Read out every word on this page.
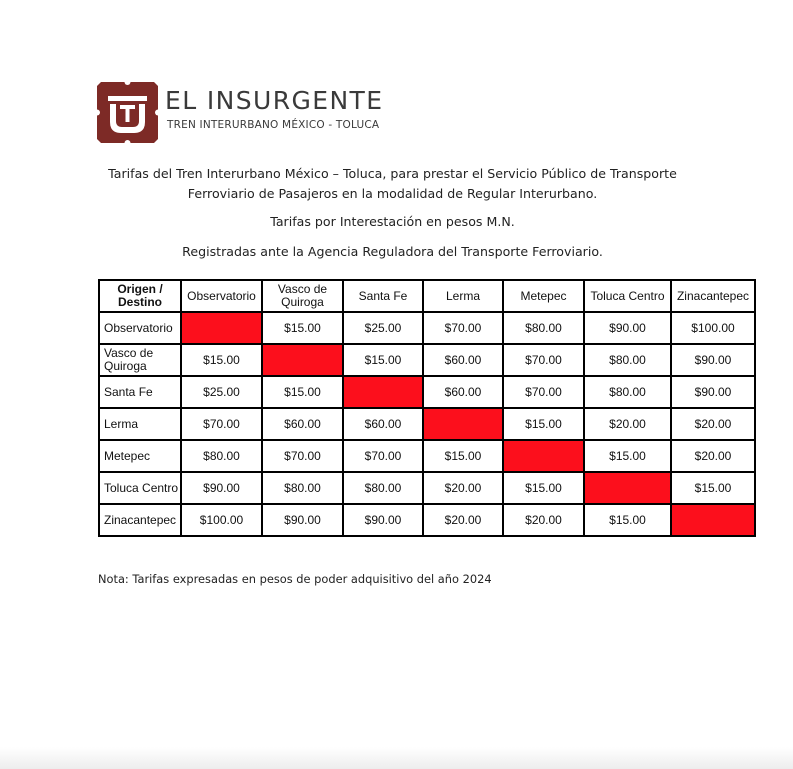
EL INSURGENTE
TREN INTERURBANO MÉXICO - TOLUCA

Tarifas del Tren Interurbano México – Toluca, para prestar el Servicio Público de Transporte Ferroviario de Pasajeros en la modalidad de Regular Interurbano.

Tarifas por Interestación en pesos M.N.

Registradas ante la Agencia Reguladora del Transporte Ferroviario.

Origen / Destino	Observatorio	Vasco de Quiroga	Santa Fe	Lerma	Metepec	Toluca Centro	Zinacantepec
Observatorio		$15.00	$25.00	$70.00	$80.00	$90.00	$100.00
Vasco de Quiroga	$15.00		$15.00	$60.00	$70.00	$80.00	$90.00
Santa Fe	$25.00	$15.00		$60.00	$70.00	$80.00	$90.00
Lerma	$70.00	$60.00	$60.00		$15.00	$20.00	$20.00
Metepec	$80.00	$70.00	$70.00	$15.00		$15.00	$20.00
Toluca Centro	$90.00	$80.00	$80.00	$20.00	$15.00		$15.00
Zinacantepec	$100.00	$90.00	$90.00	$20.00	$20.00	$15.00	
Nota: Tarifas expresadas en pesos de poder adquisitivo del año 2024
